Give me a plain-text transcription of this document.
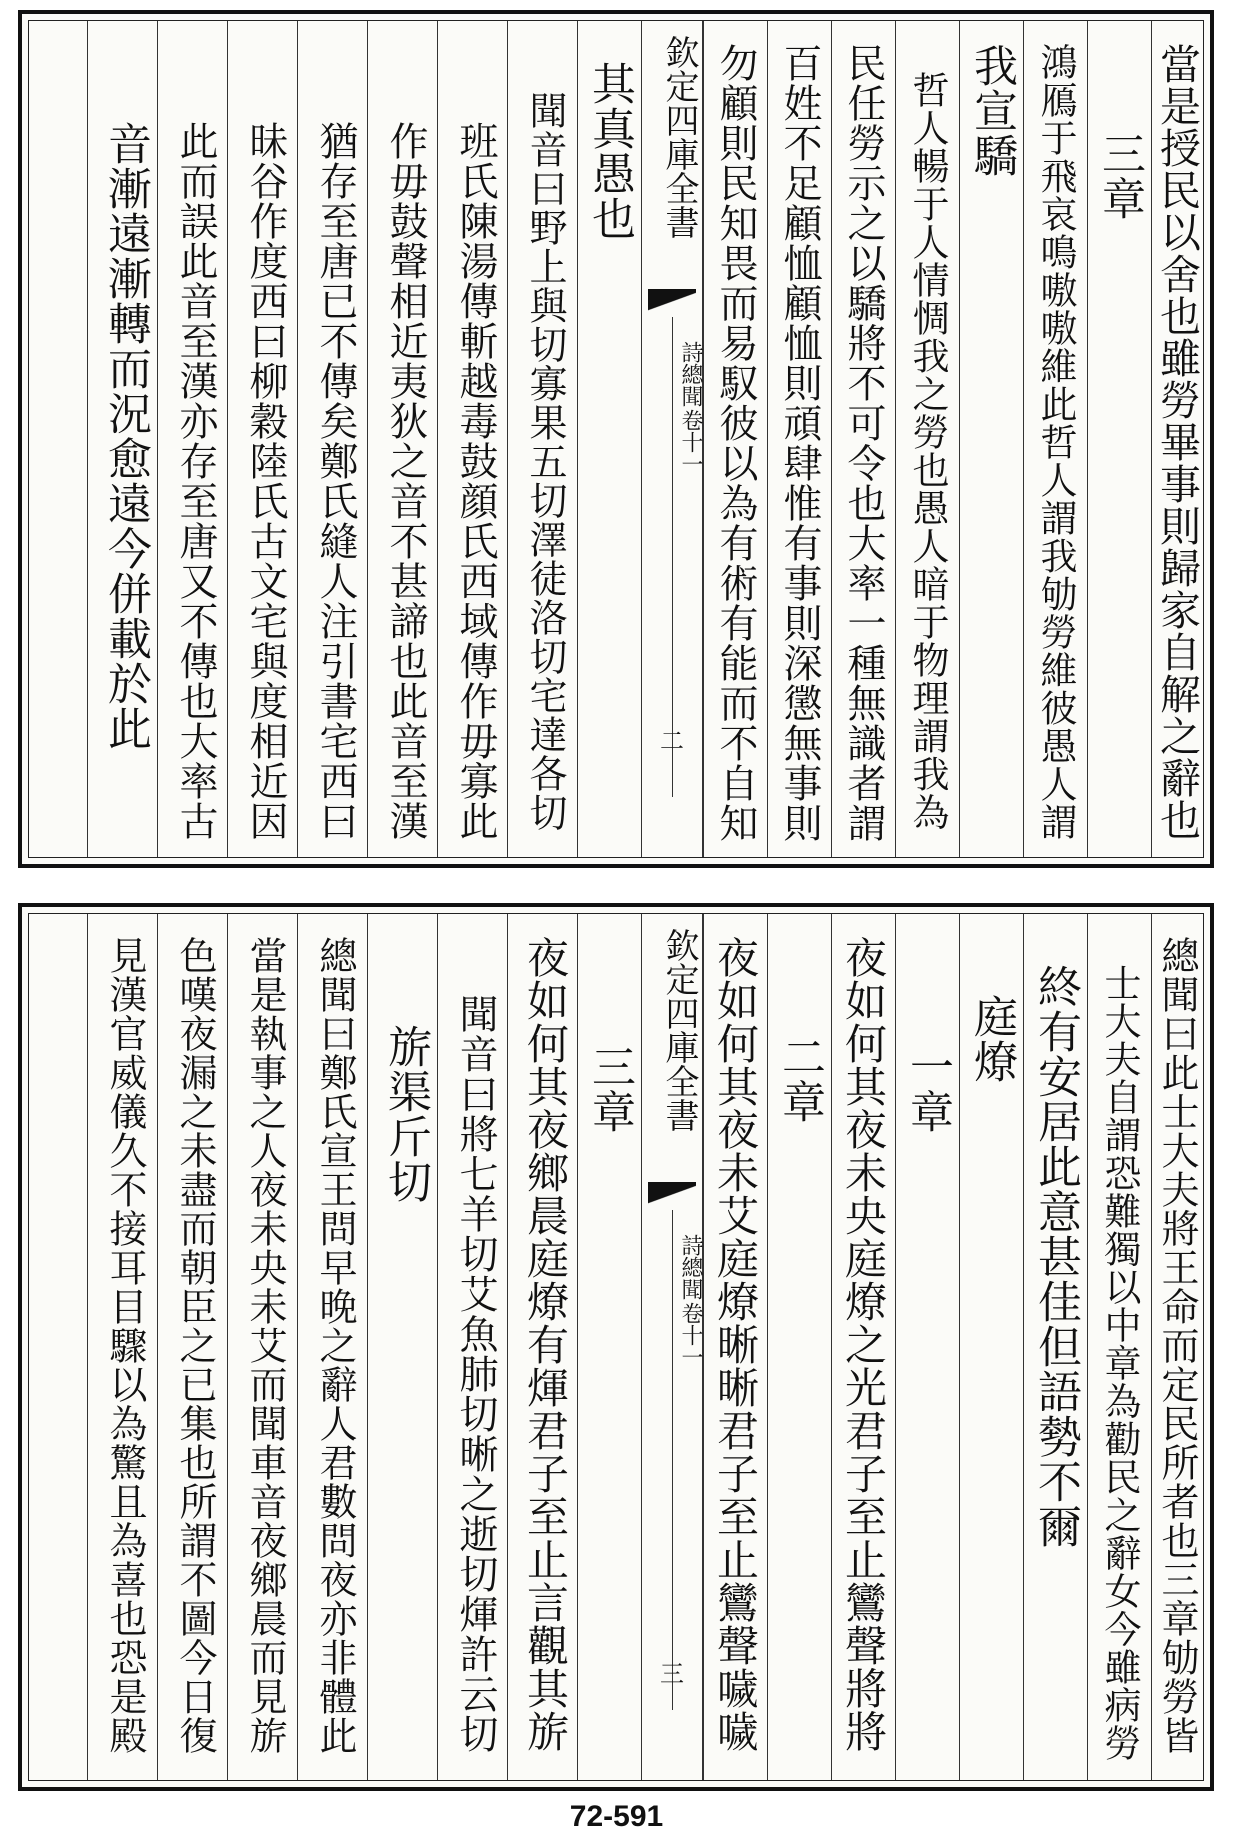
當是授民以舍也雖勞畢事則歸家自解之辭也
三章
鴻鴈于飛哀鳴嗷嗷維此哲人謂我劬勞維彼愚人謂
我宣驕
哲人暢于人情惆我之勞也愚人暗于物理謂我為
民任勞示之以驕將不可令也大率一種無識者謂
百姓不足顧恤顧恤則頑肆惟有事則深懲無事則
勿顧則民知畏而易馭彼以為有術有能而不自知
欽定四庫全書
詩總聞
卷十一
二
其真愚也
聞音曰野上與切寡果五切澤徒洛切宅達各切
班氏陳湯傳斬越毒鼓顔氏西域傳作毋寡此
作毋鼓聲相近夷狄之音不甚諦也此音至漢
猶存至唐已不傳矣鄭氏縫人注引書宅西曰
昧谷作度西曰柳穀陸氏古文宅與度相近因
此而誤此音至漢亦存至唐又不傳也大率古
音漸遠漸轉而況愈遠今併載於此
總聞曰此士大夫將王命而定民所者也三章劬勞皆
士大夫自謂恐難獨以中章為勸民之辭女今雖病勞
終有安居此意甚佳但語勢不爾
庭燎
一章
夜如何其夜未央庭燎之光君子至止鸞聲將將
二章
夜如何其夜未艾庭燎晰晰君子至止鸞聲噦噦
欽定四庫全書
詩總聞
卷十一
三
三章
夜如何其夜鄉晨庭燎有煇君子至止言觀其旂
聞音曰將七羊切艾魚肺切晰之逝切煇許云切
旂渠斤切
總聞曰鄭氏宣王問早晚之辭人君數問夜亦非體此
當是執事之人夜未央未艾而聞車音夜鄉晨而見旂
色嘆夜漏之未盡而朝臣之已集也所謂不圖今日復
見漢官威儀久不接耳目驟以為驚且為喜也恐是殿
72-591
